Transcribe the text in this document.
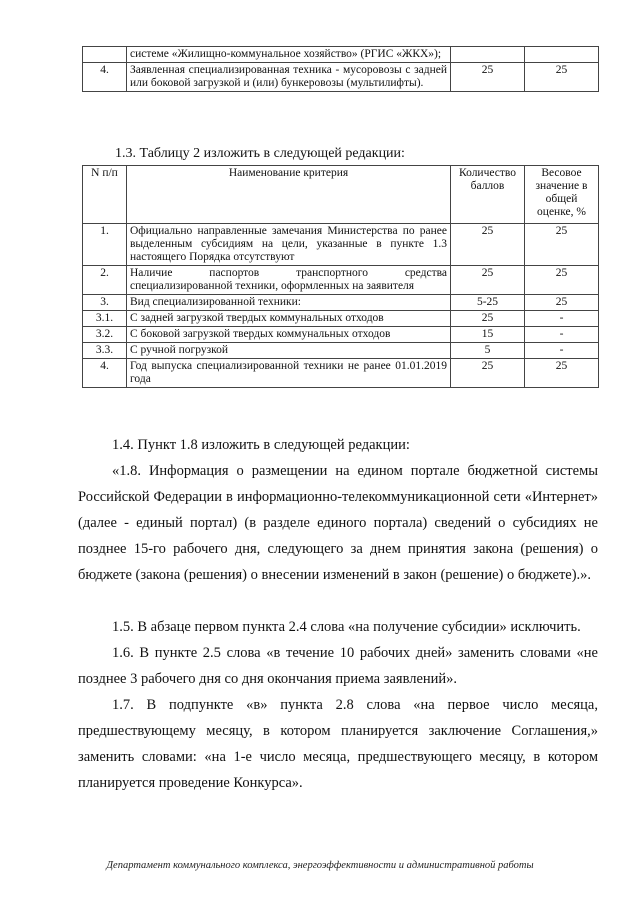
	системе «Жилищно-коммунальное хозяйство» (РГИС «ЖКХ»);		
4.	Заявленная специализированная техника - мусоровозы с задней или боковой загрузкой и (или) бункеровозы (мультилифты).	25	25
1.3. Таблицу 2 изложить в следующей редакции:
N п/п	Наименование критерия	Количество баллов	Весовое значение в общей оценке, %
1.	Официально направленные замечания Министерства по ранее выделенным субсидиям на цели, указанные в пункте 1.3 настоящего Порядка отсутствуют	25	25
2.	Наличие паспортов транспортного средства специализированной техники, оформленных на заявителя	25	25
3.	Вид специализированной техники:	5-25	25
3.1.	С задней загрузкой твердых коммунальных отходов	25	-
3.2.	С боковой загрузкой твердых коммунальных отходов	15	-
3.3.	С ручной погрузкой	5	-
4.	Год выпуска специализированной техники не ранее 01.01.2019 года	25	25
1.4. Пункт 1.8 изложить в следующей редакции:
«1.8. Информация о размещении на едином портале бюджетной системы Российской Федерации в информационно-телекоммуникационной сети «Интернет» (далее - единый портал) (в разделе единого портала) сведений о субсидиях не позднее 15-го рабочего дня, следующего за днем принятия закона (решения) о бюджете (закона (решения) о внесении изменений в закон (решение) о бюджете).».
1.5. В абзаце первом пункта 2.4 слова «на получение субсидии» исключить.
1.6. В пункте 2.5 слова «в течение 10 рабочих дней» заменить словами «не позднее 3 рабочего дня со дня окончания приема заявлений».
1.7. В подпункте «в» пункта 2.8 слова «на первое число месяца, предшествующему месяцу, в котором планируется заключение Соглашения,» заменить словами: «на 1-е число месяца, предшествующего месяцу, в котором планируется проведение Конкурса».
Департамент коммунального комплекса, энергоэффективности и административной работы
